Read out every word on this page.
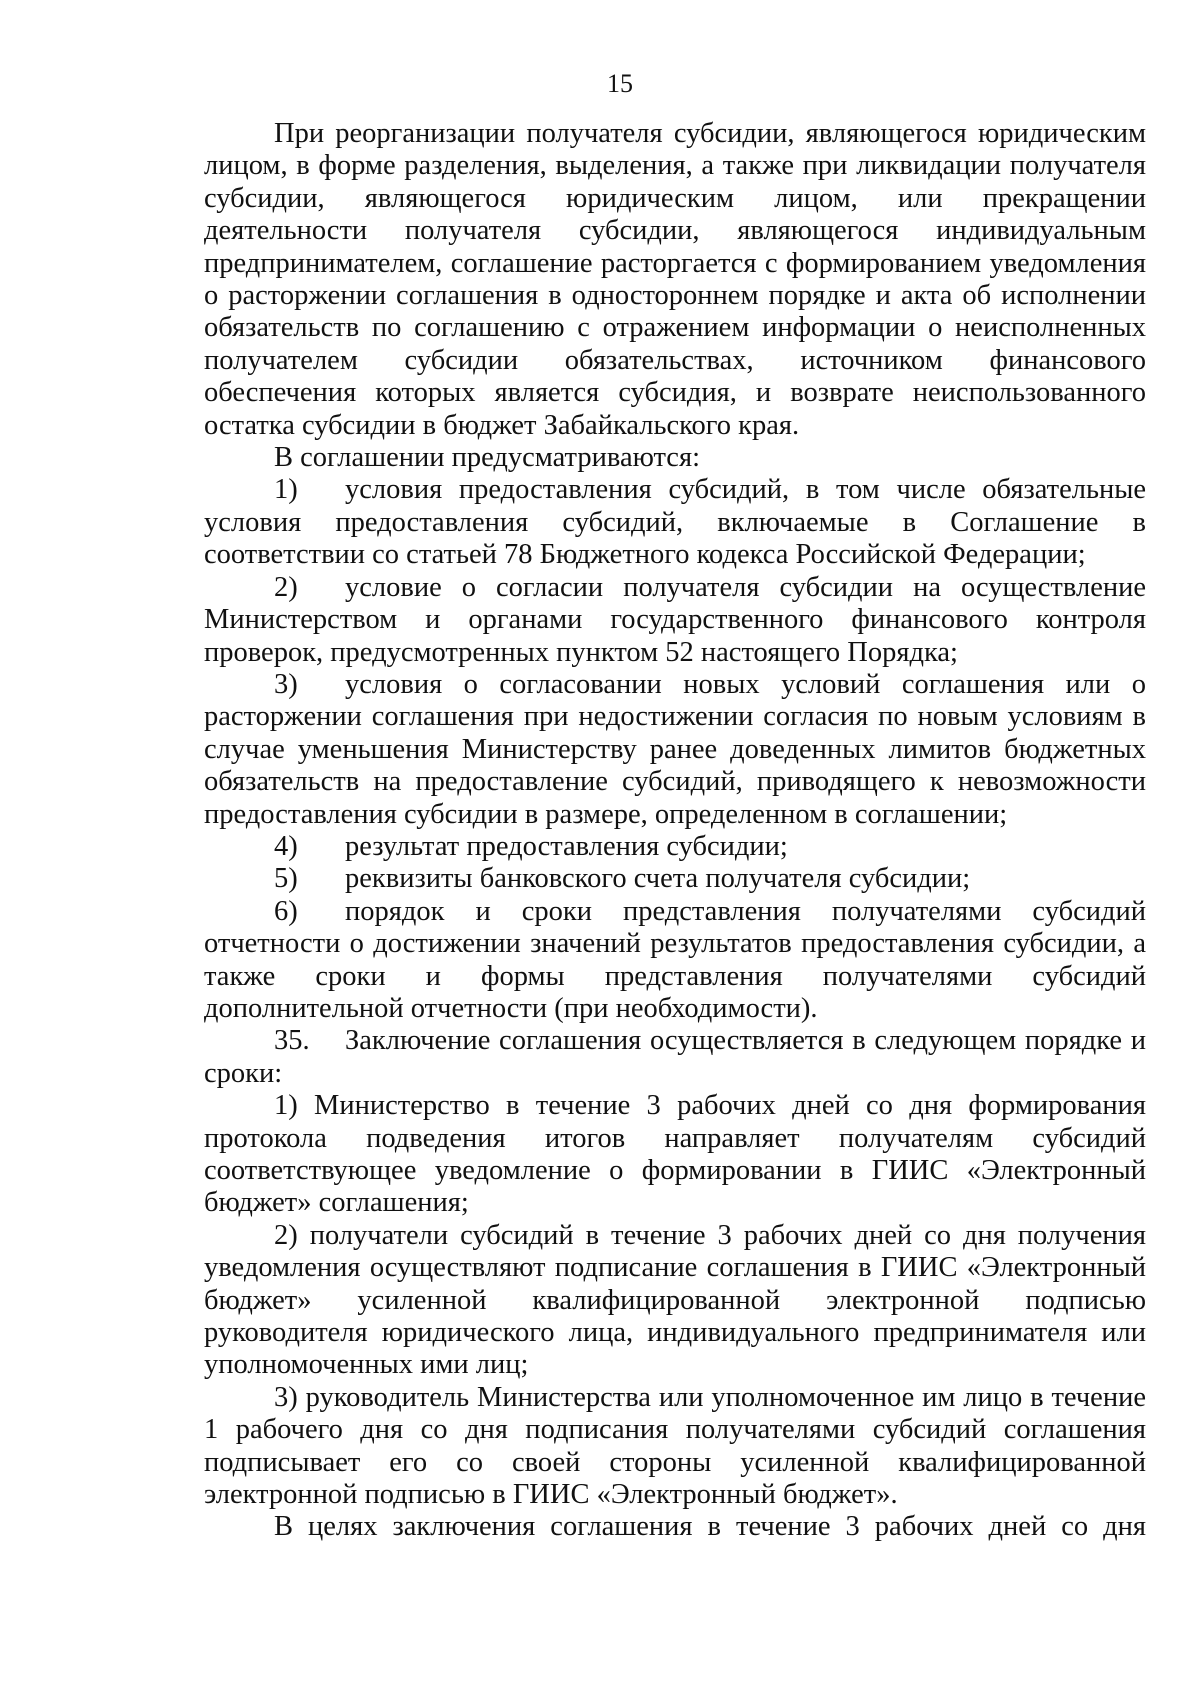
15

При реорганизации получателя субсидии, являющегося юридическим лицом, в форме разделения, выделения, а также при ликвидации получателя субсидии, являющегося юридическим лицом, или прекращении деятельности получателя субсидии, являющегося индивидуальным предпринимателем, соглашение расторгается с формированием уведомления о расторжении соглашения в одностороннем порядке и акта об исполнении обязательств по соглашению с отражением информации о неисполненных получателем субсидии обязательствах, источником финансового обеспечения которых является субсидия, и возврате неиспользованного остатка субсидии в бюджет Забайкальского края.

В соглашении предусматриваются:

1) условия предоставления субсидий, в том числе обязательные условия предоставления субсидий, включаемые в Соглашение в соответствии со статьей 78 Бюджетного кодекса Российской Федерации;

2) условие о согласии получателя субсидии на осуществление Министерством и органами государственного финансового контроля проверок, предусмотренных пунктом 52 настоящего Порядка;

3) условия о согласовании новых условий соглашения или о расторжении соглашения при недостижении согласия по новым условиям в случае уменьшения Министерству ранее доведенных лимитов бюджетных обязательств на предоставление субсидий, приводящего к невозможности предоставления субсидии в размере, определенном в соглашении;

4) результат предоставления субсидии;

5) реквизиты банковского счета получателя субсидии;

6) порядок и сроки представления получателями субсидий отчетности о достижении значений результатов предоставления субсидии, а также сроки и формы представления получателями субсидий дополнительной отчетности (при необходимости).

35. Заключение соглашения осуществляется в следующем порядке и сроки:

1) Министерство в течение 3 рабочих дней со дня формирования протокола подведения итогов направляет получателям субсидий соответствующее уведомление о формировании в ГИИС «Электронный бюджет» соглашения;

2) получатели субсидий в течение 3 рабочих дней со дня получения уведомления осуществляют подписание соглашения в ГИИС «Электронный бюджет» усиленной квалифицированной электронной подписью руководителя юридического лица, индивидуального предпринимателя или уполномоченных ими лиц;

3) руководитель Министерства или уполномоченное им лицо в течение 1 рабочего дня со дня подписания получателями субсидий соглашения подписывает его со своей стороны усиленной квалифицированной электронной подписью в ГИИС «Электронный бюджет».

В целях заключения соглашения в течение 3 рабочих дней со дня
